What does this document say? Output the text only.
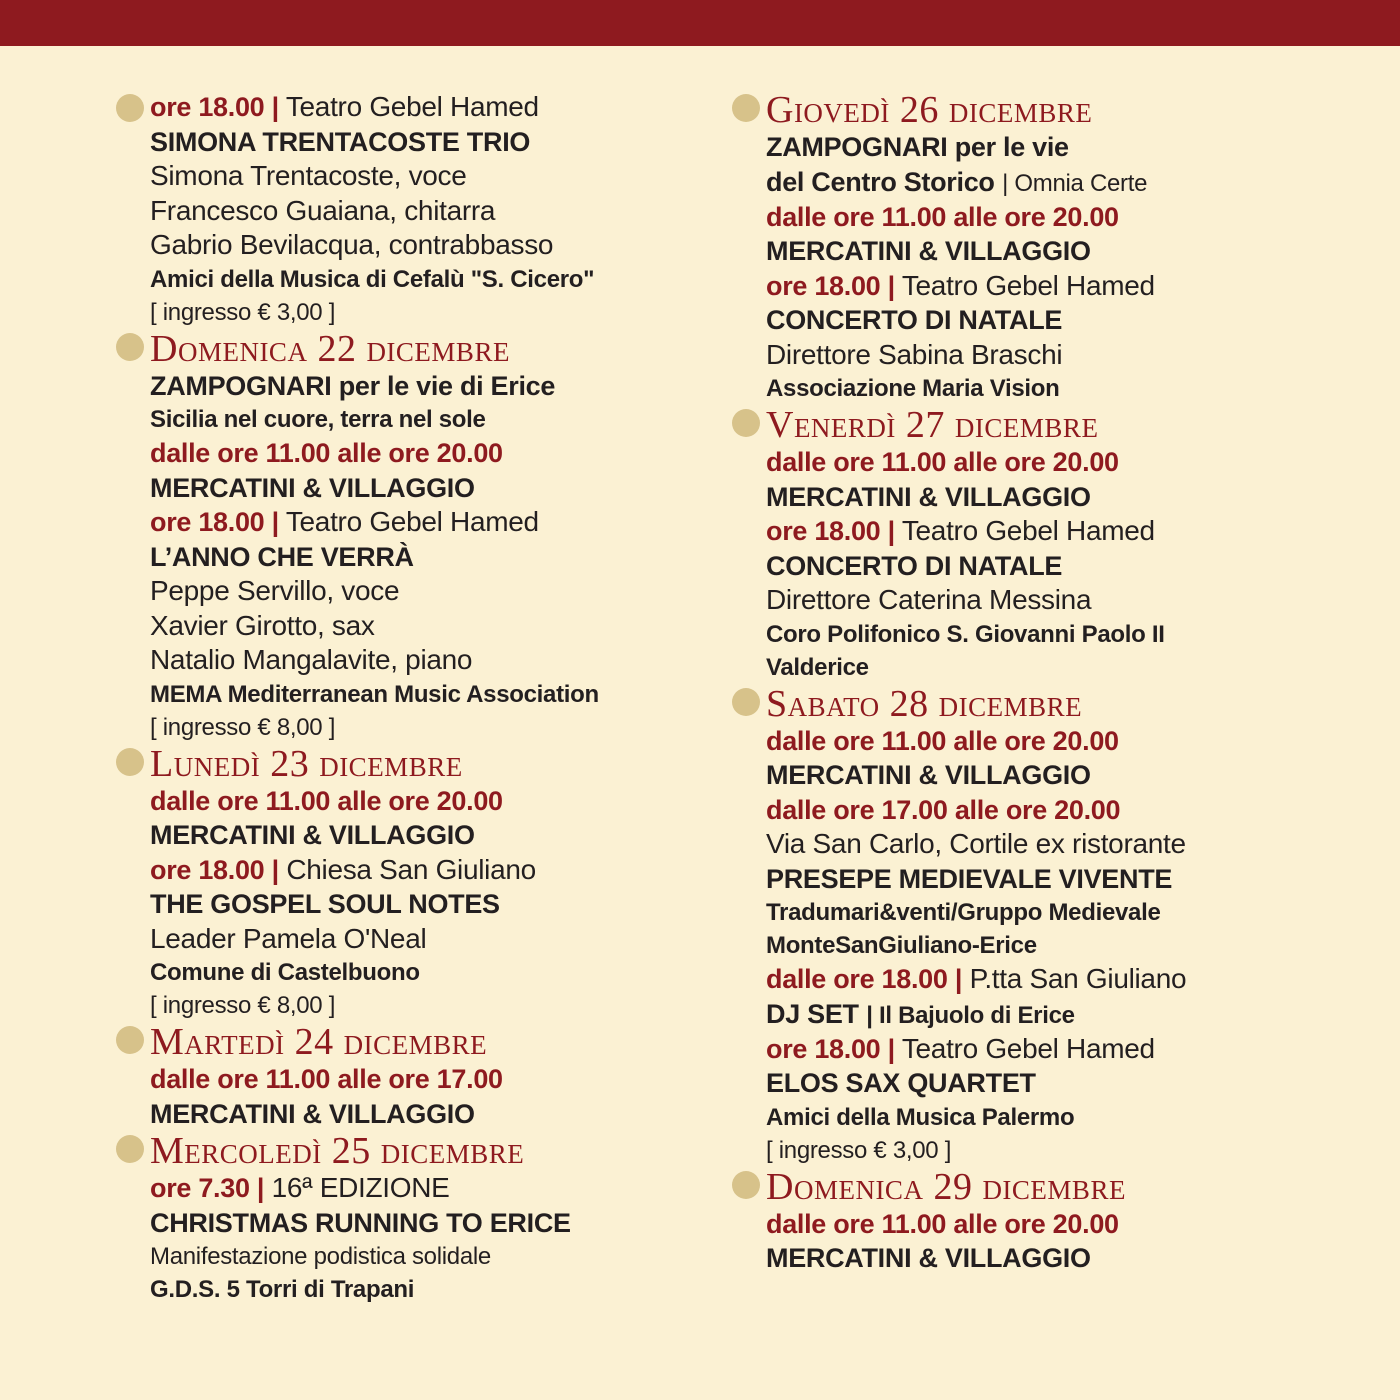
ore 18.00 | Teatro Gebel Hamed
SIMONA TRENTACOSTE TRIO
Simona Trentacoste, voce
Francesco Guaiana, chitarra
Gabrio Bevilacqua, contrabbasso
Amici della Musica di Cefalù "S. Cicero"
[ ingresso € 3,00 ]
Domenica 22 dicembre
ZAMPOGNARI per le vie di Erice
Sicilia nel cuore, terra nel sole
dalle ore 11.00 alle ore 20.00
MERCATINI & VILLAGGIO
ore 18.00 | Teatro Gebel Hamed
L’ANNO CHE VERRÀ
Peppe Servillo, voce
Xavier Girotto, sax
Natalio Mangalavite, piano
MEMA Mediterranean Music Association
[ ingresso € 8,00 ]
Lunedì 23 dicembre
dalle ore 11.00 alle ore 20.00
MERCATINI & VILLAGGIO
ore 18.00 | Chiesa San Giuliano
THE GOSPEL SOUL NOTES
Leader Pamela O'Neal
Comune di Castelbuono
[ ingresso € 8,00 ]
Martedì 24 dicembre
dalle ore 11.00 alle ore 17.00
MERCATINI & VILLAGGIO
Mercoledì 25 dicembre
ore 7.30 | 16ª EDIZIONE
CHRISTMAS RUNNING TO ERICE
Manifestazione podistica solidale
G.D.S. 5 Torri di Trapani
Giovedì 26 dicembre
ZAMPOGNARI per le vie
del Centro Storico | Omnia Certe
dalle ore 11.00 alle ore 20.00
MERCATINI & VILLAGGIO
ore 18.00 | Teatro Gebel Hamed
CONCERTO DI NATALE
Direttore Sabina Braschi
Associazione Maria Vision
Venerdì 27 dicembre
dalle ore 11.00 alle ore 20.00
MERCATINI & VILLAGGIO
ore 18.00 | Teatro Gebel Hamed
CONCERTO DI NATALE
Direttore Caterina Messina
Coro Polifonico S. Giovanni Paolo II
Valderice
Sabato 28 dicembre
dalle ore 11.00 alle ore 20.00
MERCATINI & VILLAGGIO
dalle ore 17.00 alle ore 20.00
Via San Carlo, Cortile ex ristorante
PRESEPE MEDIEVALE VIVENTE
Tradumari&venti/Gruppo Medievale
MonteSanGiuliano-Erice
dalle ore 18.00 | P.tta San Giuliano
DJ SET | Il Bajuolo di Erice
ore 18.00 | Teatro Gebel Hamed
ELOS SAX QUARTET
Amici della Musica Palermo
[ ingresso € 3,00 ]
Domenica 29 dicembre
dalle ore 11.00 alle ore 20.00
MERCATINI & VILLAGGIO
